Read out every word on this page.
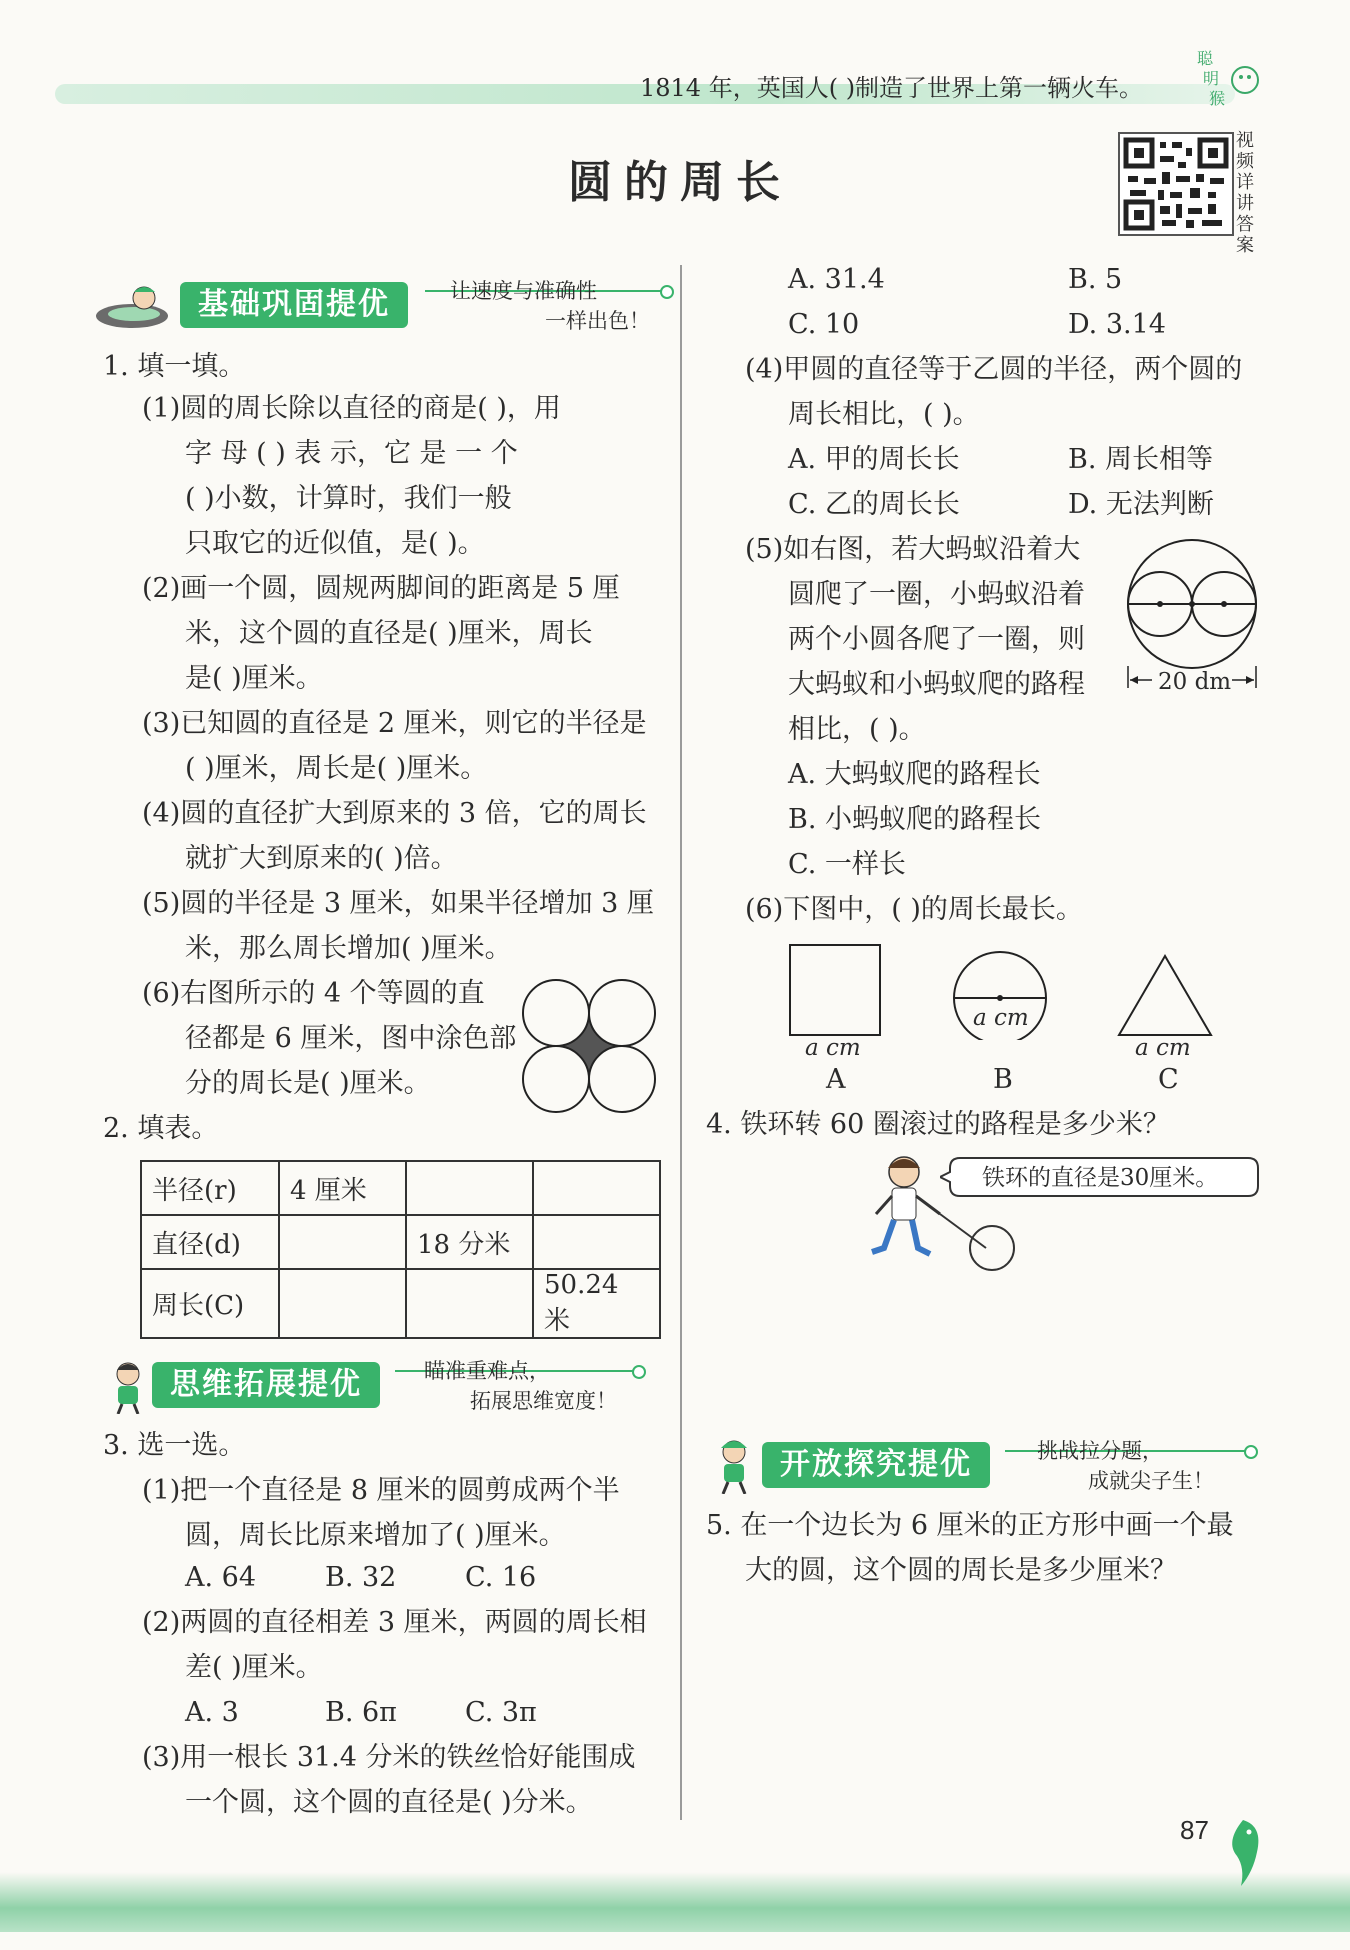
1814 年，英国人( )制造了世界上第一辆火车。
聪
明
猴
圆的周长
视频详讲答案
基础巩固提优	让速度与准确性
一样出色！
1. 填一填。
(1)圆的周长除以直径的商是( )，用
字 母 ( ) 表 示，它 是 一 个
( )小数，计算时，我们一般
只取它的近似值，是( )。
(2)画一个圆，圆规两脚间的距离是 5 厘
米，这个圆的直径是( )厘米，周长
是( )厘米。
(3)已知圆的直径是 2 厘米，则它的半径是
( )厘米，周长是( )厘米。
(4)圆的直径扩大到原来的 3 倍，它的周长
就扩大到原来的( )倍。
(5)圆的半径是 3 厘米，如果半径增加 3 厘
米，那么周长增加( )厘米。
(6)右图所示的 4 个等圆的直
径都是 6 厘米，图中涂色部
分的周长是( )厘米。
2. 填表。
半径(r)	4 厘米		
直径(d)		18 分米	
周长(C)			50.24 米
思维拓展提优	瞄准重难点，
拓展思维宽度！
3. 选一选。
(1)把一个直径是 8 厘米的圆剪成两个半
圆，周长比原来增加了( )厘米。
A. 64	B. 32	C. 16
(2)两圆的直径相差 3 厘米，两圆的周长相
差( )厘米。
A. 3	B. 6π	C. 3π
(3)用一根长 31.4 分米的铁丝恰好能围成
一个圆，这个圆的直径是( )分米。
A. 31.4	B. 5
C. 10	D. 3.14
(4)甲圆的直径等于乙圆的半径，两个圆的
周长相比，( )。
A. 甲的周长长	B. 周长相等
C. 乙的周长长	D. 无法判断
(5)如右图，若大蚂蚁沿着大
圆爬了一圈，小蚂蚁沿着
两个小圆各爬了一圈，则
大蚂蚁和小蚂蚁爬的路程
相比，( )。
20 dm
A. 大蚂蚁爬的路程长
B. 小蚂蚁爬的路程长
C. 一样长
(6)下图中，( )的周长最长。
a cm
a cm
a cm
A	B	C
4. 铁环转 60 圈滚过的路程是多少米？
铁环的直径是30厘米。
开放探究提优	挑战拉分题，
成就尖子生！
5. 在一个边长为 6 厘米的正方形中画一个最
大的圆，这个圆的周长是多少厘米？
87
